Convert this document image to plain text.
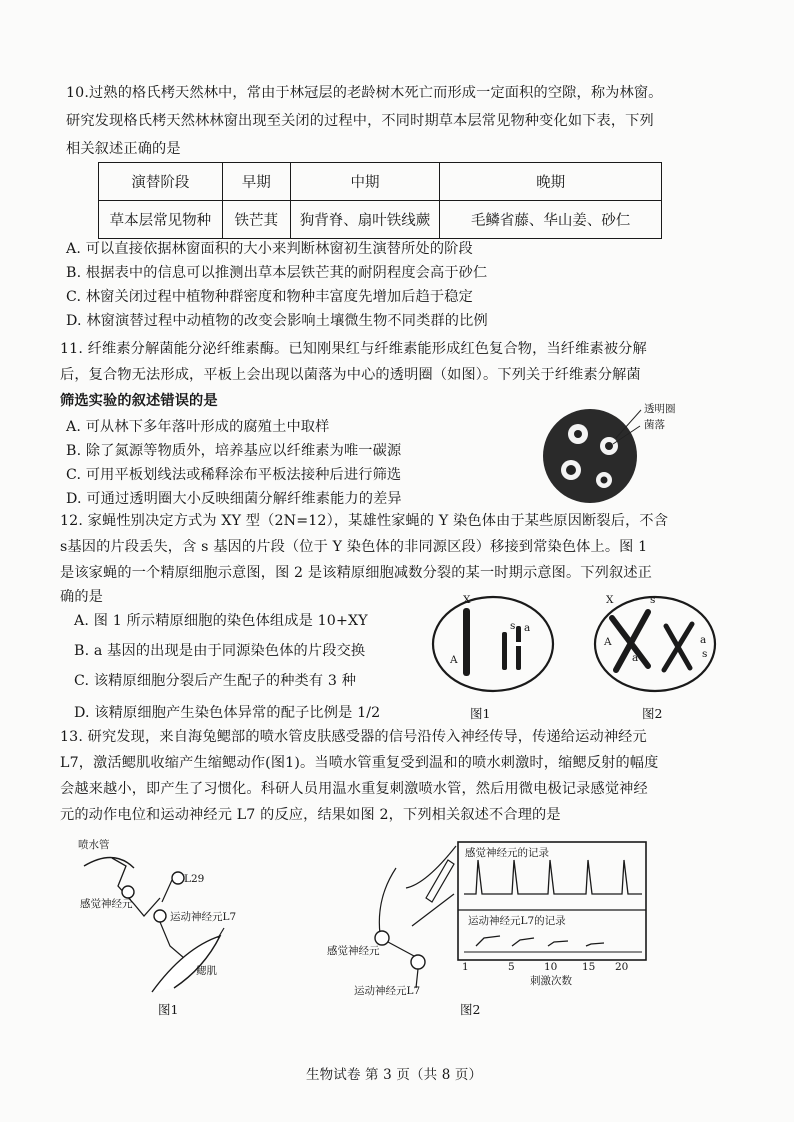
10.过熟的格氏栲天然林中，常由于林冠层的老龄树木死亡而形成一定面积的空隙，称为林窗。
研究发现格氏栲天然林林窗出现至关闭的过程中，不同时期草本层常见物种变化如下表，下列
相关叙述正确的是
演替阶段	早期	中期	晚期
草本层常见物种	铁芒萁	狗背脊、扇叶铁线蕨	毛鳞省藤、华山姜、砂仁
A. 可以直接依据林窗面积的大小来判断林窗初生演替所处的阶段
B. 根据表中的信息可以推测出草本层铁芒萁的耐阴程度会高于砂仁
C. 林窗关闭过程中植物种群密度和物种丰富度先增加后趋于稳定
D. 林窗演替过程中动植物的改变会影响土壤微生物不同类群的比例
11. 纤维素分解菌能分泌纤维素酶。已知刚果红与纤维素能形成红色复合物，当纤维素被分解
后，复合物无法形成，平板上会出现以菌落为中心的透明圈（如图）。下列关于纤维素分解菌
筛选实验的叙述错误的是
A. 可从林下多年落叶形成的腐殖土中取样
B. 除了氮源等物质外，培养基应以纤维素为唯一碳源
C. 可用平板划线法或稀释涂布平板法接种后进行筛选
D. 可通过透明圈大小反映细菌分解纤维素能力的差异
透明圈
菌落
12. 家蝇性别决定方式为 XY 型（2N=12），某雄性家蝇的 Y 染色体由于某些原因断裂后，不含
s基因的片段丢失，含 s 基因的片段（位于 Y 染色体的非同源区段）移接到常染色体上。图 1
是该家蝇的一个精原细胞示意图，图 2 是该精原细胞减数分裂的某一时期示意图。下列叙述正
确的是
A. 图 1 所示精原细胞的染色体组成是 10+XY
B. a 基因的出现是由于同源染色体的片段交换
C. 该精原细胞分裂后产生配子的种类有 3 种
D. 该精原细胞产生染色体异常的配子比例是 1/2
X
A
s a
图1
X	s
A
a
a
s
图2
13. 研究发现，来自海兔鳃部的喷水管皮肤感受器的信号沿传入神经传导，传递给运动神经元
L7，激活鳃肌收缩产生缩鳃动作(图1)。当喷水管重复受到温和的喷水刺激时，缩鳃反射的幅度
会越来越小，即产生了习惯化。科研人员用温水重复刺激喷水管，然后用微电极记录感觉神经
元的动作电位和运动神经元 L7 的反应，结果如图 2，下列相关叙述不合理的是
喷水管
L29
感觉神经元
运动神经元L7
鳃肌
图1
感觉神经元的记录
运动神经元L7的记录
感觉神经元
运动神经元L7
1	5	10 15 20
刺激次数
图2
生物试卷 第 3 页（共 8 页）
